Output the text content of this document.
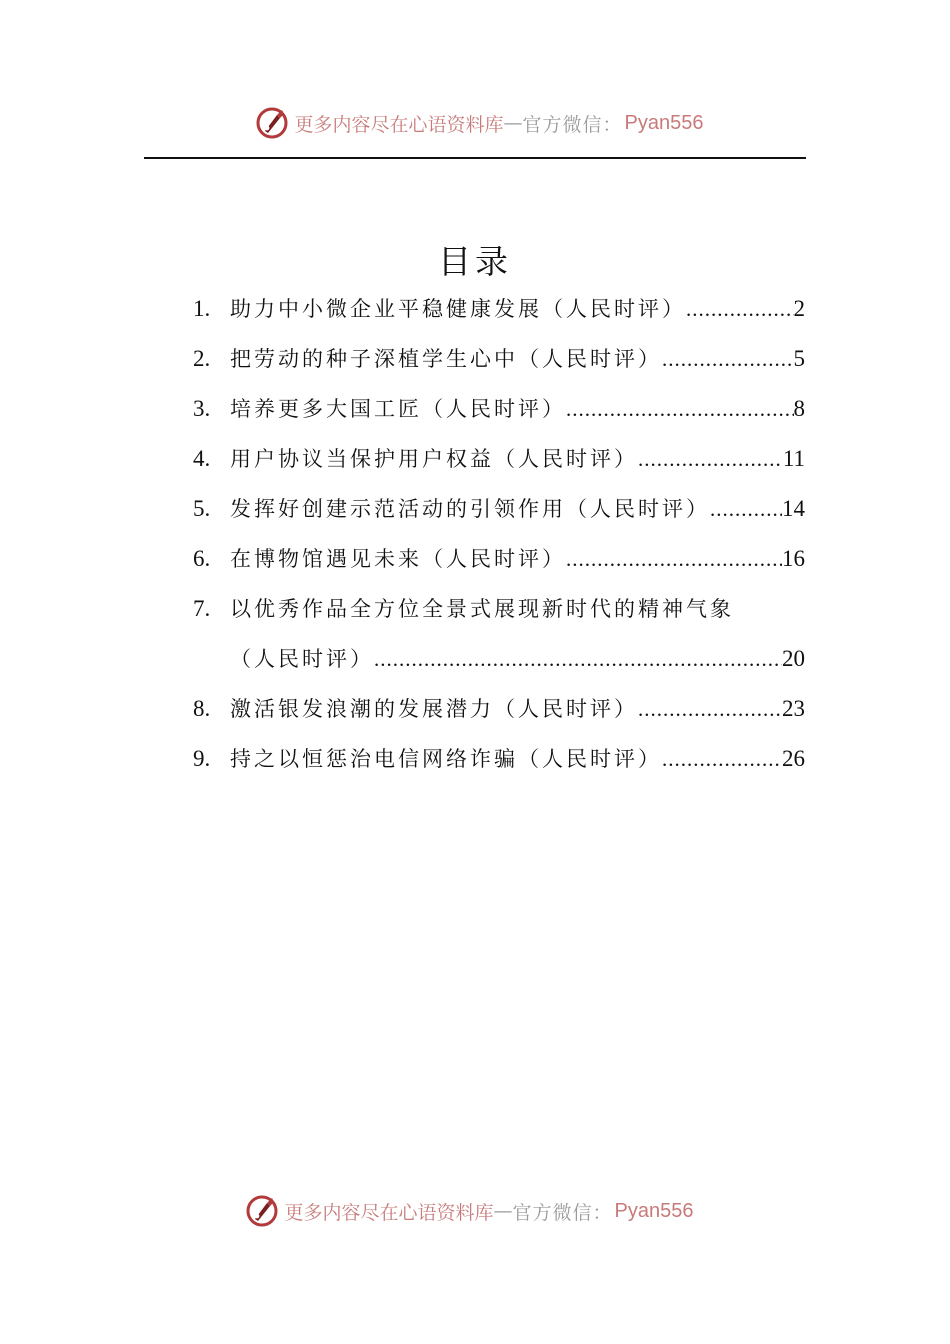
更多内容尽在心语资料库 — 官方微信： Pyan556
目录
1. 助力中小微企业平稳健康发展（人民时评） .....	2
2. 把劳动的种子深植学生心中（人民时评） .....	5
3. 培养更多大国工匠（人民时评） .....	8
4. 用户协议当保护用户权益（人民时评） .....	11
5. 发挥好创建示范活动的引领作用（人民时评） .....	14
6. 在博物馆遇见未来（人民时评） .....	16
7. 以优秀作品全方位全景式展现新时代的精神气象
（人民时评） .....	20
8. 激活银发浪潮的发展潜力（人民时评） .....	23
9. 持之以恒惩治电信网络诈骗（人民时评） .....	26
更多内容尽在心语资料库 — 官方微信： Pyan556
